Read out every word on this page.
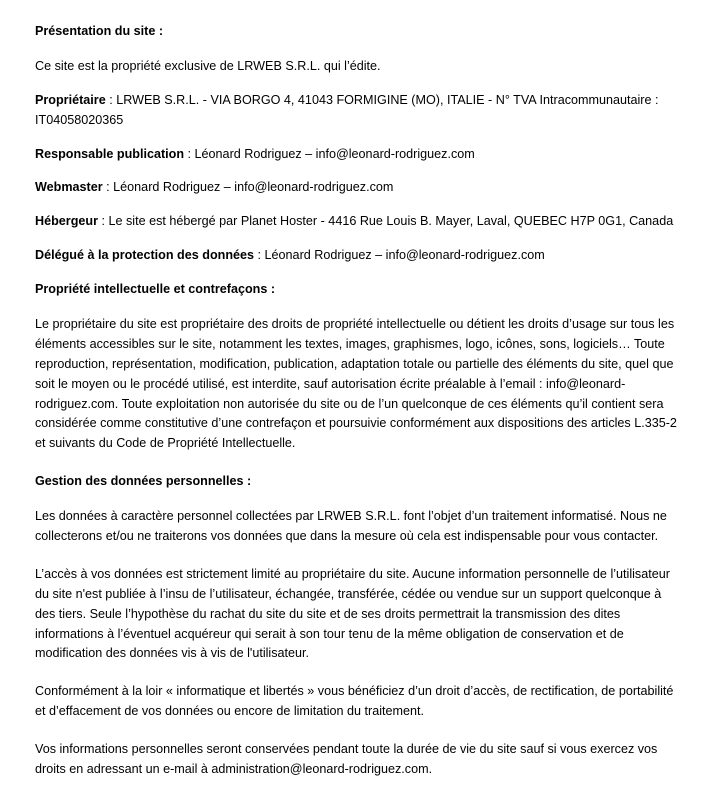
Présentation du site :

Ce site est la propriété exclusive de LRWEB S.R.L. qui l’édite.

Propriétaire : LRWEB S.R.L. - VIA BORGO 4, 41043 FORMIGINE (MO), ITALIE - N° TVA Intracommunautaire : IT04058020365

Responsable publication : Léonard Rodriguez – info@leonard-rodriguez.com

Webmaster : Léonard Rodriguez – info@leonard-rodriguez.com

Hébergeur : Le site est hébergé par Planet Hoster - 4416 Rue Louis B. Mayer, Laval, QUEBEC H7P 0G1, Canada

Délégué à la protection des données : Léonard Rodriguez – info@leonard-rodriguez.com

Propriété intellectuelle et contrefaçons :

Le propriétaire du site est propriétaire des droits de propriété intellectuelle ou détient les droits d’usage sur tous les éléments accessibles sur le site, notamment les textes, images, graphismes, logo, icônes, sons, logiciels… Toute reproduction, représentation, modification, publication, adaptation totale ou partielle des éléments du site, quel que soit le moyen ou le procédé utilisé, est interdite, sauf autorisation écrite préalable à l’email : info@leonard-rodriguez.com. Toute exploitation non autorisée du site ou de l’un quelconque de ces éléments qu’il contient sera considérée comme constitutive d’une contrefaçon et poursuivie conformément aux dispositions des articles L.335-2 et suivants du Code de Propriété Intellectuelle.

Gestion des données personnelles :

Les données à caractère personnel collectées par LRWEB S.R.L. font l’objet d’un traitement informatisé. Nous ne collecterons et/ou ne traiterons vos données que dans la mesure où cela est indispensable pour vous contacter.

L’accès à vos données est strictement limité au propriétaire du site. Aucune information personnelle de l’utilisateur du site n'est publiée à l’insu de l’utilisateur, échangée, transférée, cédée ou vendue sur un support quelconque à des tiers. Seule l’hypothèse du rachat du site du site et de ses droits permettrait la transmission des dites informations à l’éventuel acquéreur qui serait à son tour tenu de la même obligation de conservation et de modification des données vis à vis de l'utilisateur.

Conformément à la loir « informatique et libertés » vous bénéficiez d’un droit d’accès, de rectification, de portabilité et d’effacement de vos données ou encore de limitation du traitement.

Vos informations personnelles seront conservées pendant toute la durée de vie du site sauf si vous exercez vos droits en adressant un e-mail à administration@leonard-rodriguez.com.
